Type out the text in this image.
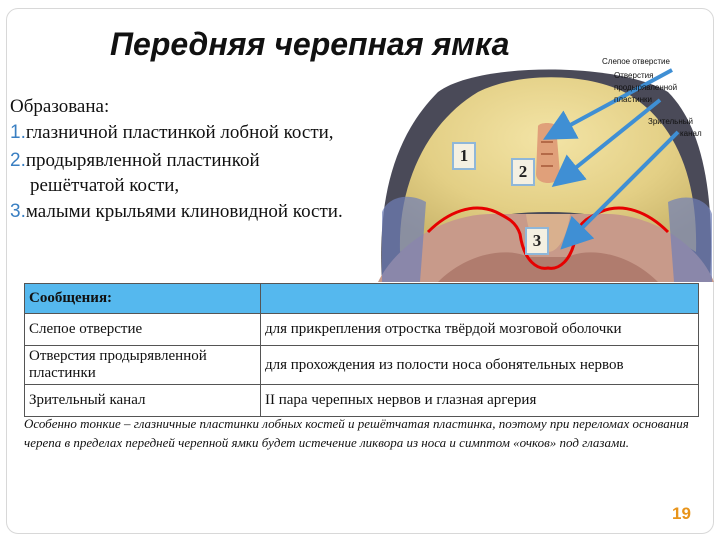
Передняя черепная ямка	Слепое отверстие
Отверстия
продырявленной
пластинки
Зрительный
канал
1
2
3
Образована:
1.глазничной пластинкой лобной кости,
2.продырявленной пластинкой
решётчатой кости,
3.малыми крыльями клиновидной кости.
Сообщения:	
Слепое отверстие	для прикрепления отростка твёрдой мозговой оболочки
Отверстия продырявленной пластинки	для прохождения из полости носа обонятельных нервов
Зрительный канал	II пара черепных нервов и глазная аргерия
Особенно тонкие – глазничные пластинки лобных костей и решётчатая пластинка, поэтому при переломах основания черепа в пределах передней черепной ямки будет истечение ликвора из носа и симптом «очков» под глазами.
19
